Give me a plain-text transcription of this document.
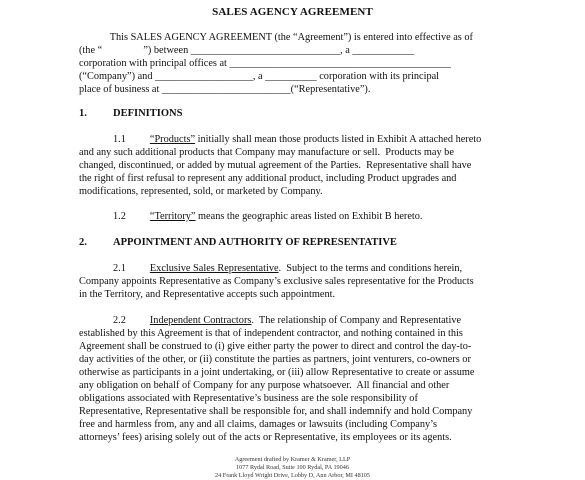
SALES AGENCY AGREEMENT
This SALES AGENCY AGREEMENT (the “Agreement”) is entered into effective as of
(the “                ”) between _____________________________, a ____________
corporation with principal offices at ___________________________________________
(“Company”) and ___________________, a __________ corporation with its principal
place of business at _________________________(“Representative”).
1. DEFINITIONS
1.1 “Products” initially shall mean those products listed in Exhibit A attached hereto
and any such additional products that Company may manufacture or sell.  Products may be
changed, discontinued, or added by mutual agreement of the Parties.  Representative shall have
the right of first refusal to represent any additional product, including Product upgrades and
modifications, represented, sold, or marketed by Company.
1.2 “Territory” means the geographic areas listed on Exhibit B hereto.
2. APPOINTMENT AND AUTHORITY OF REPRESENTATIVE
2.1 Exclusive Sales Representative.  Subject to the terms and conditions herein,
Company appoints Representative as Company’s exclusive sales representative for the Products
in the Territory, and Representative accepts such appointment.
2.2 Independent Contractors.  The relationship of Company and Representative
established by this Agreement is that of independent contractor, and nothing contained in this
Agreement shall be construed to (i) give either party the power to direct and control the day-to-
day activities of the other, or (ii) constitute the parties as partners, joint venturers, co-owners or
otherwise as participants in a joint undertaking, or (iii) allow Representative to create or assume
any obligation on behalf of Company for any purpose whatsoever.  All financial and other
obligations associated with Representative’s business are the sole responsibility of
Representative, Representative shall be responsible for, and shall indemnify and hold Company
free and harmless from, any and all claims, damages or lawsuits (including Company’s
attorneys’ fees) arising solely out of the acts or Representative, its employees or its agents.
Agreement drafted by Kramer & Kramer, LLP
1077 Rydal Road, Suite 100 Rydal, PA 19046
24 Frank Lloyd Wright Drive, Lobby D, Ann Arbor, MI 48105
